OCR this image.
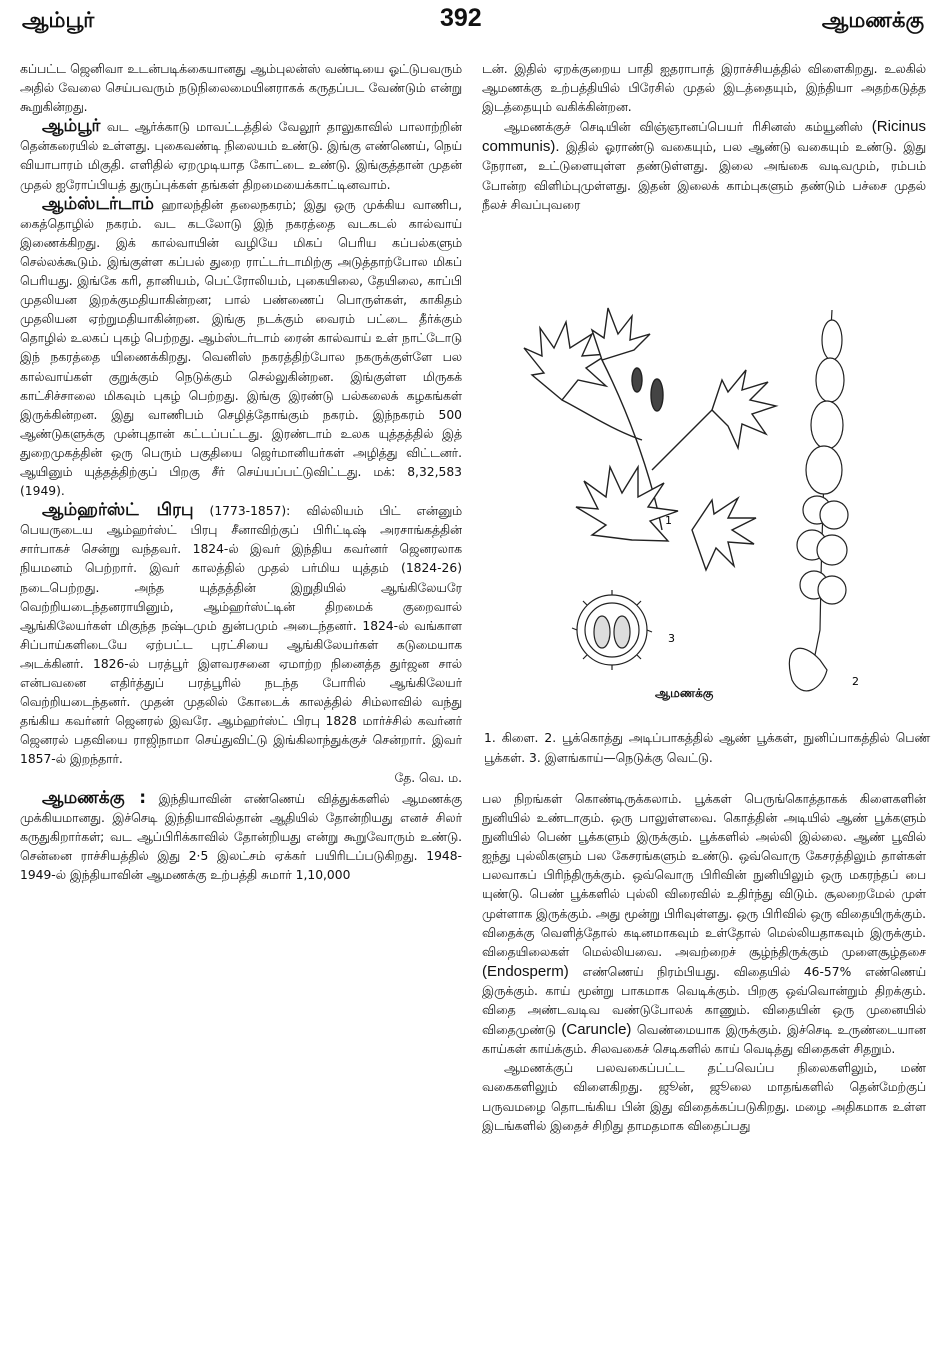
ஆம்பூர்	392	ஆமணக்கு

கப்பட்ட ஜெனிவா உடன்படிக்கையானது ஆம்புலன்ஸ் வண்டியை ஓட்டுபவரும் அதில் வேலை செய்பவரும் நடுநிலைமையினராகக் கருதப்பட வேண்டும் என்று கூறுகின்றது.

ஆம்பூர் வட ஆர்க்காடு மாவட்டத்தில் வேலூர் தாலுகாவில் பாலாற்றின் தென்கரையில் உள்ளது. புகைவண்டி நிலையம் உண்டு. இங்கு எண்ணெய், நெய் வியாபாரம் மிகுதி. எளிதில் ஏறமுடியாத கோட்டை உண்டு. இங்குத்தான் முதன் முதல் ஐரோப்பியத் துருப்புக்கள் தங்கள் திறமையைக்காட்டினவாம்.

ஆம்ஸ்டர்டாம் ஹாலந்தின் தலைநகரம்; இது ஒரு முக்கிய வாணிப, கைத்தொழில் நகரம். வட கடலோடு இந் நகரத்தை வடகடல் கால்வாய் இணைக்கிறது. இக் கால்வாயின் வழியே மிகப் பெரிய கப்பல்களும் செல்லக்கூடும். இங்குள்ள கப்பல் துறை ராட்டர்டாமிற்கு அடுத்தாற்போல மிகப் பெரியது. இங்கே கரி, தானியம், பெட்ரோலியம், புகையிலை, தேயிலை, காப்பி முதலியன இறக்குமதியாகின்றன; பால் பண்ணைப் பொருள்கள், காகிதம் முதலியன ஏற்றுமதியாகின்றன. இங்கு நடக்கும் வைரம் பட்டை தீர்க்கும் தொழில் உலகப் புகழ் பெற்றது. ஆம்ஸ்டர்டாம் ரைன் கால்வாய் உள் நாட்டோடு இந் நகரத்தை யிணைக்கிறது. வெனிஸ் நகரத்திற்போல நகருக்குள்ளே பல கால்வாய்கள் குறுக்கும் நெடுக்கும் செல்லுகின்றன. இங்குள்ள மிருகக் காட்சிச்சாலை மிகவும் புகழ் பெற்றது. இங்கு இரண்டு பல்கலைக் கழகங்கள் இருக்கின்றன. இது வாணிபம் செழித்தோங்கும் நகரம். இந்நகரம் 500 ஆண்டுகளுக்கு முன்புதான் கட்டப்பட்டது. இரண்டாம் உலக யுத்தத்தில் இத் துறைமுகத்தின் ஒரு பெரும் பகுதியை ஜெர்மானியர்கள் அழித்து விட்டனர். ஆயினும் யுத்தத்திற்குப் பிறகு சீர் செய்யப்பட்டுவிட்டது. மக்: 8,32,583 (1949).

ஆம்ஹர்ஸ்ட் பிரபு (1773-1857): வில்லியம் பிட் என்னும் பெயருடைய ஆம்ஹர்ஸ்ட் பிரபு சீனாவிற்குப் பிரிட்டிஷ் அரசாங்கத்தின் சார்பாகச் சென்று வந்தவர். 1824-ல் இவர் இந்திய கவர்னர் ஜெனரலாக நியமனம் பெற்றார். இவர் காலத்தில் முதல் பர்மிய யுத்தம் (1824-26) நடைபெற்றது. அந்த யுத்தத்தின் இறுதியில் ஆங்கிலேயரே வெற்றியடைந்தனராயினும், ஆம்ஹர்ஸ்ட்டின் திறமைக் குறைவால் ஆங்கிலேயர்கள் மிகுந்த நஷ்டமும் துன்பமும் அடைந்தனர். 1824-ல் வங்காள சிப்பாய்களிடையே ஏற்பட்ட புரட்சியை ஆங்கிலேயர்கள் கடுமையாக அடக்கினர். 1826-ல் பரத்பூர் இளவரசனை ஏமாற்ற நினைத்த துர்ஜன சால் என்பவனை எதிர்த்துப் பரத்பூரில் நடந்த போரில் ஆங்கிலேயர் வெற்றியடைந்தனர். முதன் முதலில் கோடைக் காலத்தில் சிம்லாவில் வந்து தங்கிய கவர்னர் ஜெனரல் இவரே. ஆம்ஹர்ஸ்ட் பிரபு 1828 மார்ச்சில் கவர்னர் ஜெனரல் பதவியை ராஜிநாமா செய்துவிட்டு இங்கிலாந்துக்குச் சென்றார். இவர் 1857-ல் இறந்தார்.
தே. வெ. ம.

ஆமணக்கு : இந்தியாவின் எண்ணெய் வித்துக்களில் ஆமணக்கு முக்கியமானது. இச்செடி இந்தியாவில்தான் ஆதியில் தோன்றியது எனச் சிலர் கருதுகிறார்கள்; வட ஆப்பிரிக்காவில் தோன்றியது என்று கூறுவோரும் உண்டு. சென்னை ராச்சியத்தில் இது 2·5 இலட்சம் ஏக்கர் பயிரிடப்படுகிறது. 1948-1949-ல் இந்தியாவின் ஆமணக்கு உற்பத்தி சுமார் 1,10,000

டன். இதில் ஏறக்குறைய பாதி ஐதராபாத் இராச்சியத்தில் விளைகிறது. உலகில் ஆமணக்கு உற்பத்தியில் பிரேசில் முதல் இடத்தையும், இந்தியா அதற்கடுத்த இடத்தையும் வகிக்கின்றன.

ஆமணக்குச் செடியின் விஞ்ஞானப்பெயர் ரிசினஸ் கம்யூனிஸ் (Ricinus communis). இதில் ஓராண்டு வகையும், பல ஆண்டு வகையும் உண்டு. இது நேரான, உட்டுளையுள்ள தண்டுள்ளது. இலை அங்கை வடிவமும், ரம்பம் போன்ற விளிம்புமுள்ளது. இதன் இலைக் காம்புகளும் தண்டும் பச்சை முதல் நீலச் சிவப்புவரை

1
2
3
ஆமணக்கு
1. கிளை. 2. பூக்கொத்து அடிப்பாகத்தில் ஆண் பூக்கள், நுனிப்பாகத்தில் பெண் பூக்கள். 3. இளங்காய்—நெடுக்கு வெட்டு.

பல நிறங்கள் கொண்டிருக்கலாம். பூக்கள் பெருங்கொத்தாகக் கிளைகளின் நுனியில் உண்டாகும். ஒரு பாலுள்ளவை. கொத்தின் அடியில் ஆண் பூக்களும் நுனியில் பெண் பூக்களும் இருக்கும். பூக்களில் அல்லி இல்லை. ஆண் பூவில் ஐந்து புல்லிகளும் பல கேசரங்களும் உண்டு. ஒவ்வொரு கேசரத்திலும் தாள்கள் பலவாகப் பிரிந்திருக்கும். ஒவ்வொரு பிரிவின் நுனியிலும் ஒரு மகரந்தப் பை யுண்டு. பெண் பூக்களில் புல்லி விரைவில் உதிர்ந்து விடும். சூலறைமேல் முள் முள்ளாக இருக்கும். அது மூன்று பிரிவுள்ளது. ஒரு பிரிவில் ஒரு விதையிருக்கும். விதைக்கு வெளித்தோல் கடினமாகவும் உள்தோல் மெல்லியதாகவும் இருக்கும். விதையிலைகள் மெல்லியவை. அவற்றைச் சூழ்ந்திருக்கும் முளைசூழ்தசை (Endosperm) எண்ணெய் நிரம்பியது. விதையில் 46-57% எண்ணெய் இருக்கும். காய் மூன்று பாகமாக வெடிக்கும். பிறகு ஒவ்வொன்றும் திறக்கும். விதை அண்டவடிவ வண்டுபோலக் காணும். விதையின் ஒரு முனையில் விதைமுண்டு (Caruncle) வெண்மையாக இருக்கும். இச்செடி உருண்டையான காய்கள் காய்க்கும். சிலவகைச் செடிகளில் காய் வெடித்து விதைகள் சிதறும்.

ஆமணக்குப் பலவகைப்பட்ட தட்பவெப்ப நிலைகளிலும், மண் வகைகளிலும் விளைகிறது. ஜூன், ஜூலை மாதங்களில் தென்மேற்குப் பருவமழை தொடங்கிய பின் இது விதைக்கப்படுகிறது. மழை அதிகமாக உள்ள இடங்களில் இதைச் சிறிது தாமதமாக விதைப்பது
